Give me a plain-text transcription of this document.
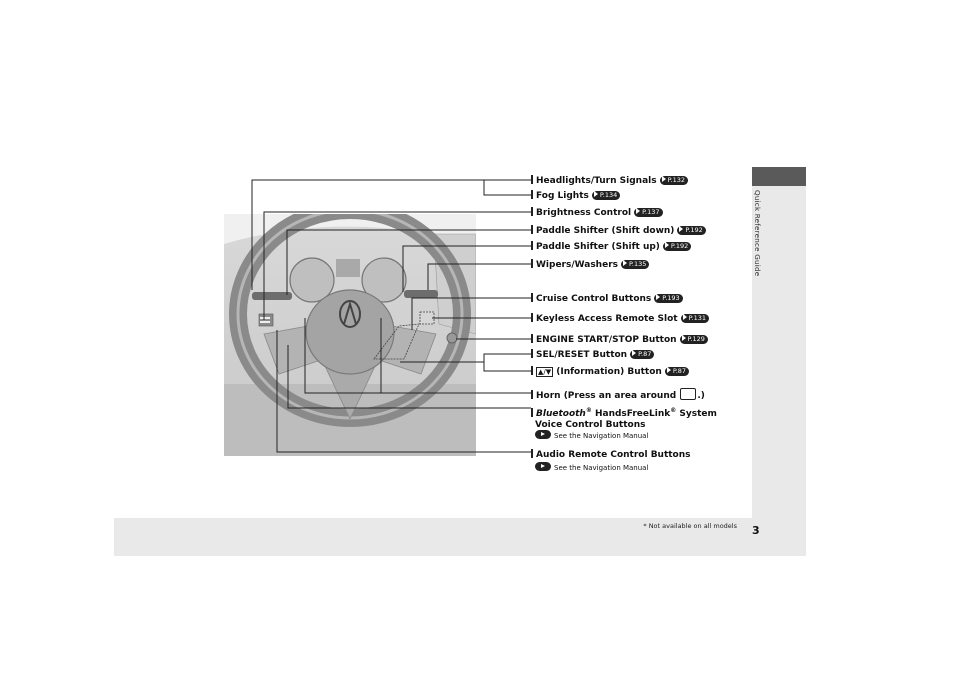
Quick Reference Guide
* Not available on all models 3
Headlights/Turn Signals P.132
Fog Lights P.134
Brightness Control P.137
Paddle Shifter (Shift down) P.192
Paddle Shifter (Shift up) P.192
Wipers/Washers P.135
Cruise Control Buttons P.193
Keyless Access Remote Slot P.131
ENGINE START/STOP Button P.129
SEL/RESET Button P.87
▲/▼ (Information) Button P.87
Horn (Press an area around .)
Bluetooth® HandsFreeLink® System
Voice Control Buttons
See the Navigation Manual
Audio Remote Control Buttons
See the Navigation Manual
